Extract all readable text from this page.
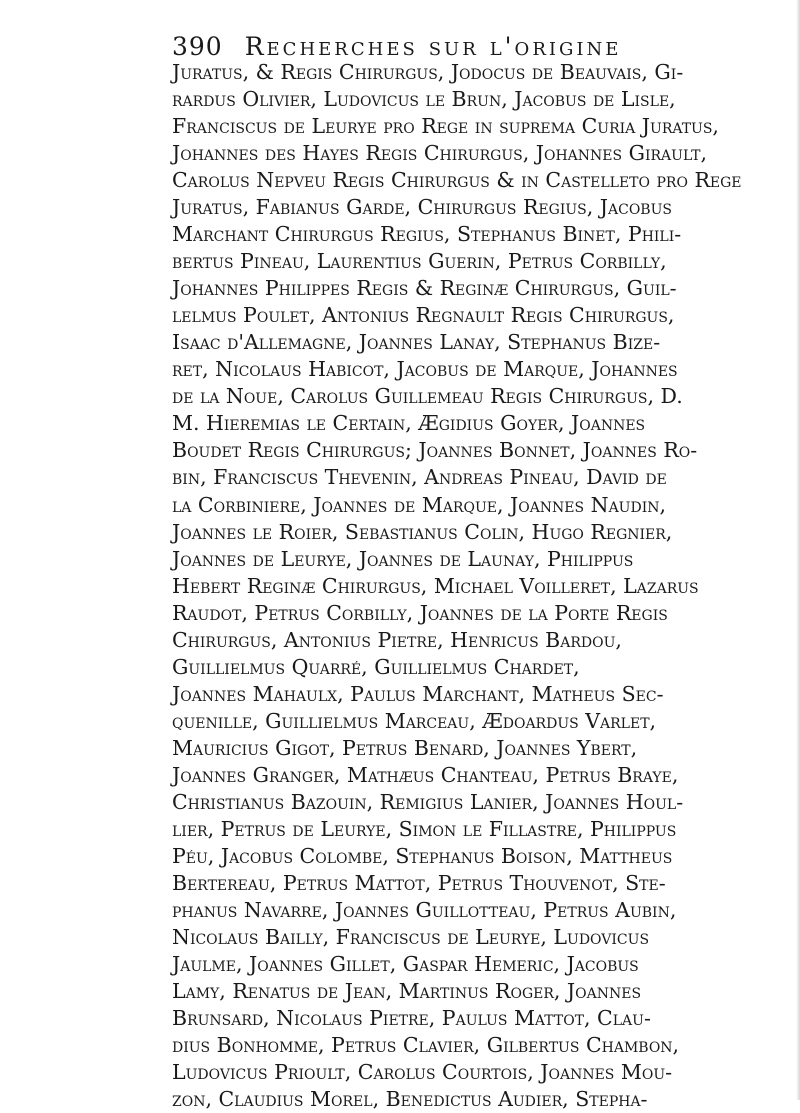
390 Recherches sur l'origine
Juratus, & Regis Chirurgus, Jodocus de Beauvais, Gi-
rardus Olivier, Ludovicus le Brun, Jacobus de Lisle,
Franciscus de Leurye pro Rege in ſuprema Curia Juratus,
Johannes des Hayes Regis Chirurgus, Johannes Girault,
Carolus Nepveu Regis Chirurgus & in Caſtelleto pro Rege
Juratus, Fabianus Garde, Chirurgus Regius, Jacobus
Marchant Chirurgus Regius, Stephanus Binet, Phili-
bertus Pineau, Laurentius Guerin, Petrus Corbilly,
Johannes Philippes Regis & Reginæ Chirurgus, Guil-
lelmus Poulet, Antonius Regnault Regis Chirurgus,
Isaac d'Allemagne, Joannes Lanay, Stephanus Bize-
ret, Nicolaus Habicot, Jacobus de Marque, Johannes
de la Noue, Carolus Guillemeau Regis Chirurgus, D.
M. Hieremias le Certain, Ægidius Goyer, Joannes
Boudet Regis Chirurgus; Joannes Bonnet, Joannes Ro-
bin, Franciscus Thevenin, Andreas Pineau, David de
la Corbiniere, Joannes de Marque, Joannes Naudin,
Joannes le Roier, Sebastianus Colin, Hugo Regnier,
Joannes de Leurye, Joannes de Launay, Philippus
Hebert Reginæ Chirurgus, Michael Voilleret, Lazarus
Raudot, Petrus Corbilly, Joannes de la Porte Regis
Chirurgus, Antonius Pietre, Henricus Bardou,
Guillielmus Quarré, Guillielmus Chardet,
Joannes Mahaulx, Paulus Marchant, Matheus Sec-
quenille, Guillielmus Marceau, Ædoardus Varlet,
Mauricius Gigot, Petrus Benard, Joannes Ybert,
Joannes Granger, Mathæus Chanteau, Petrus Braye,
Christianus Bazouin, Remigius Lanier, Joannes Houl-
lier, Petrus de Leurye, Simon le Fillastre, Philippus
Péu, Jacobus Colombe, Stephanus Boison, Mattheus
Bertereau, Petrus Mattot, Petrus Thouvenot, Ste-
phanus Navarre, Joannes Guillotteau, Petrus Aubin,
Nicolaus Bailly, Franciscus de Leurye, Ludovicus
Jaulme, Joannes Gillet, Gaspar Hemeric, Jacobus
Lamy, Renatus de Jean, Martinus Roger, Joannes
Brunsard, Nicolaus Pietre, Paulus Mattot, Clau-
dius Bonhomme, Petrus Clavier, Gilbertus Chambon,
Ludovicus Prioult, Carolus Courtois, Joannes Mou-
zon, Claudius Morel, Benedictus Audier, Stepha-
